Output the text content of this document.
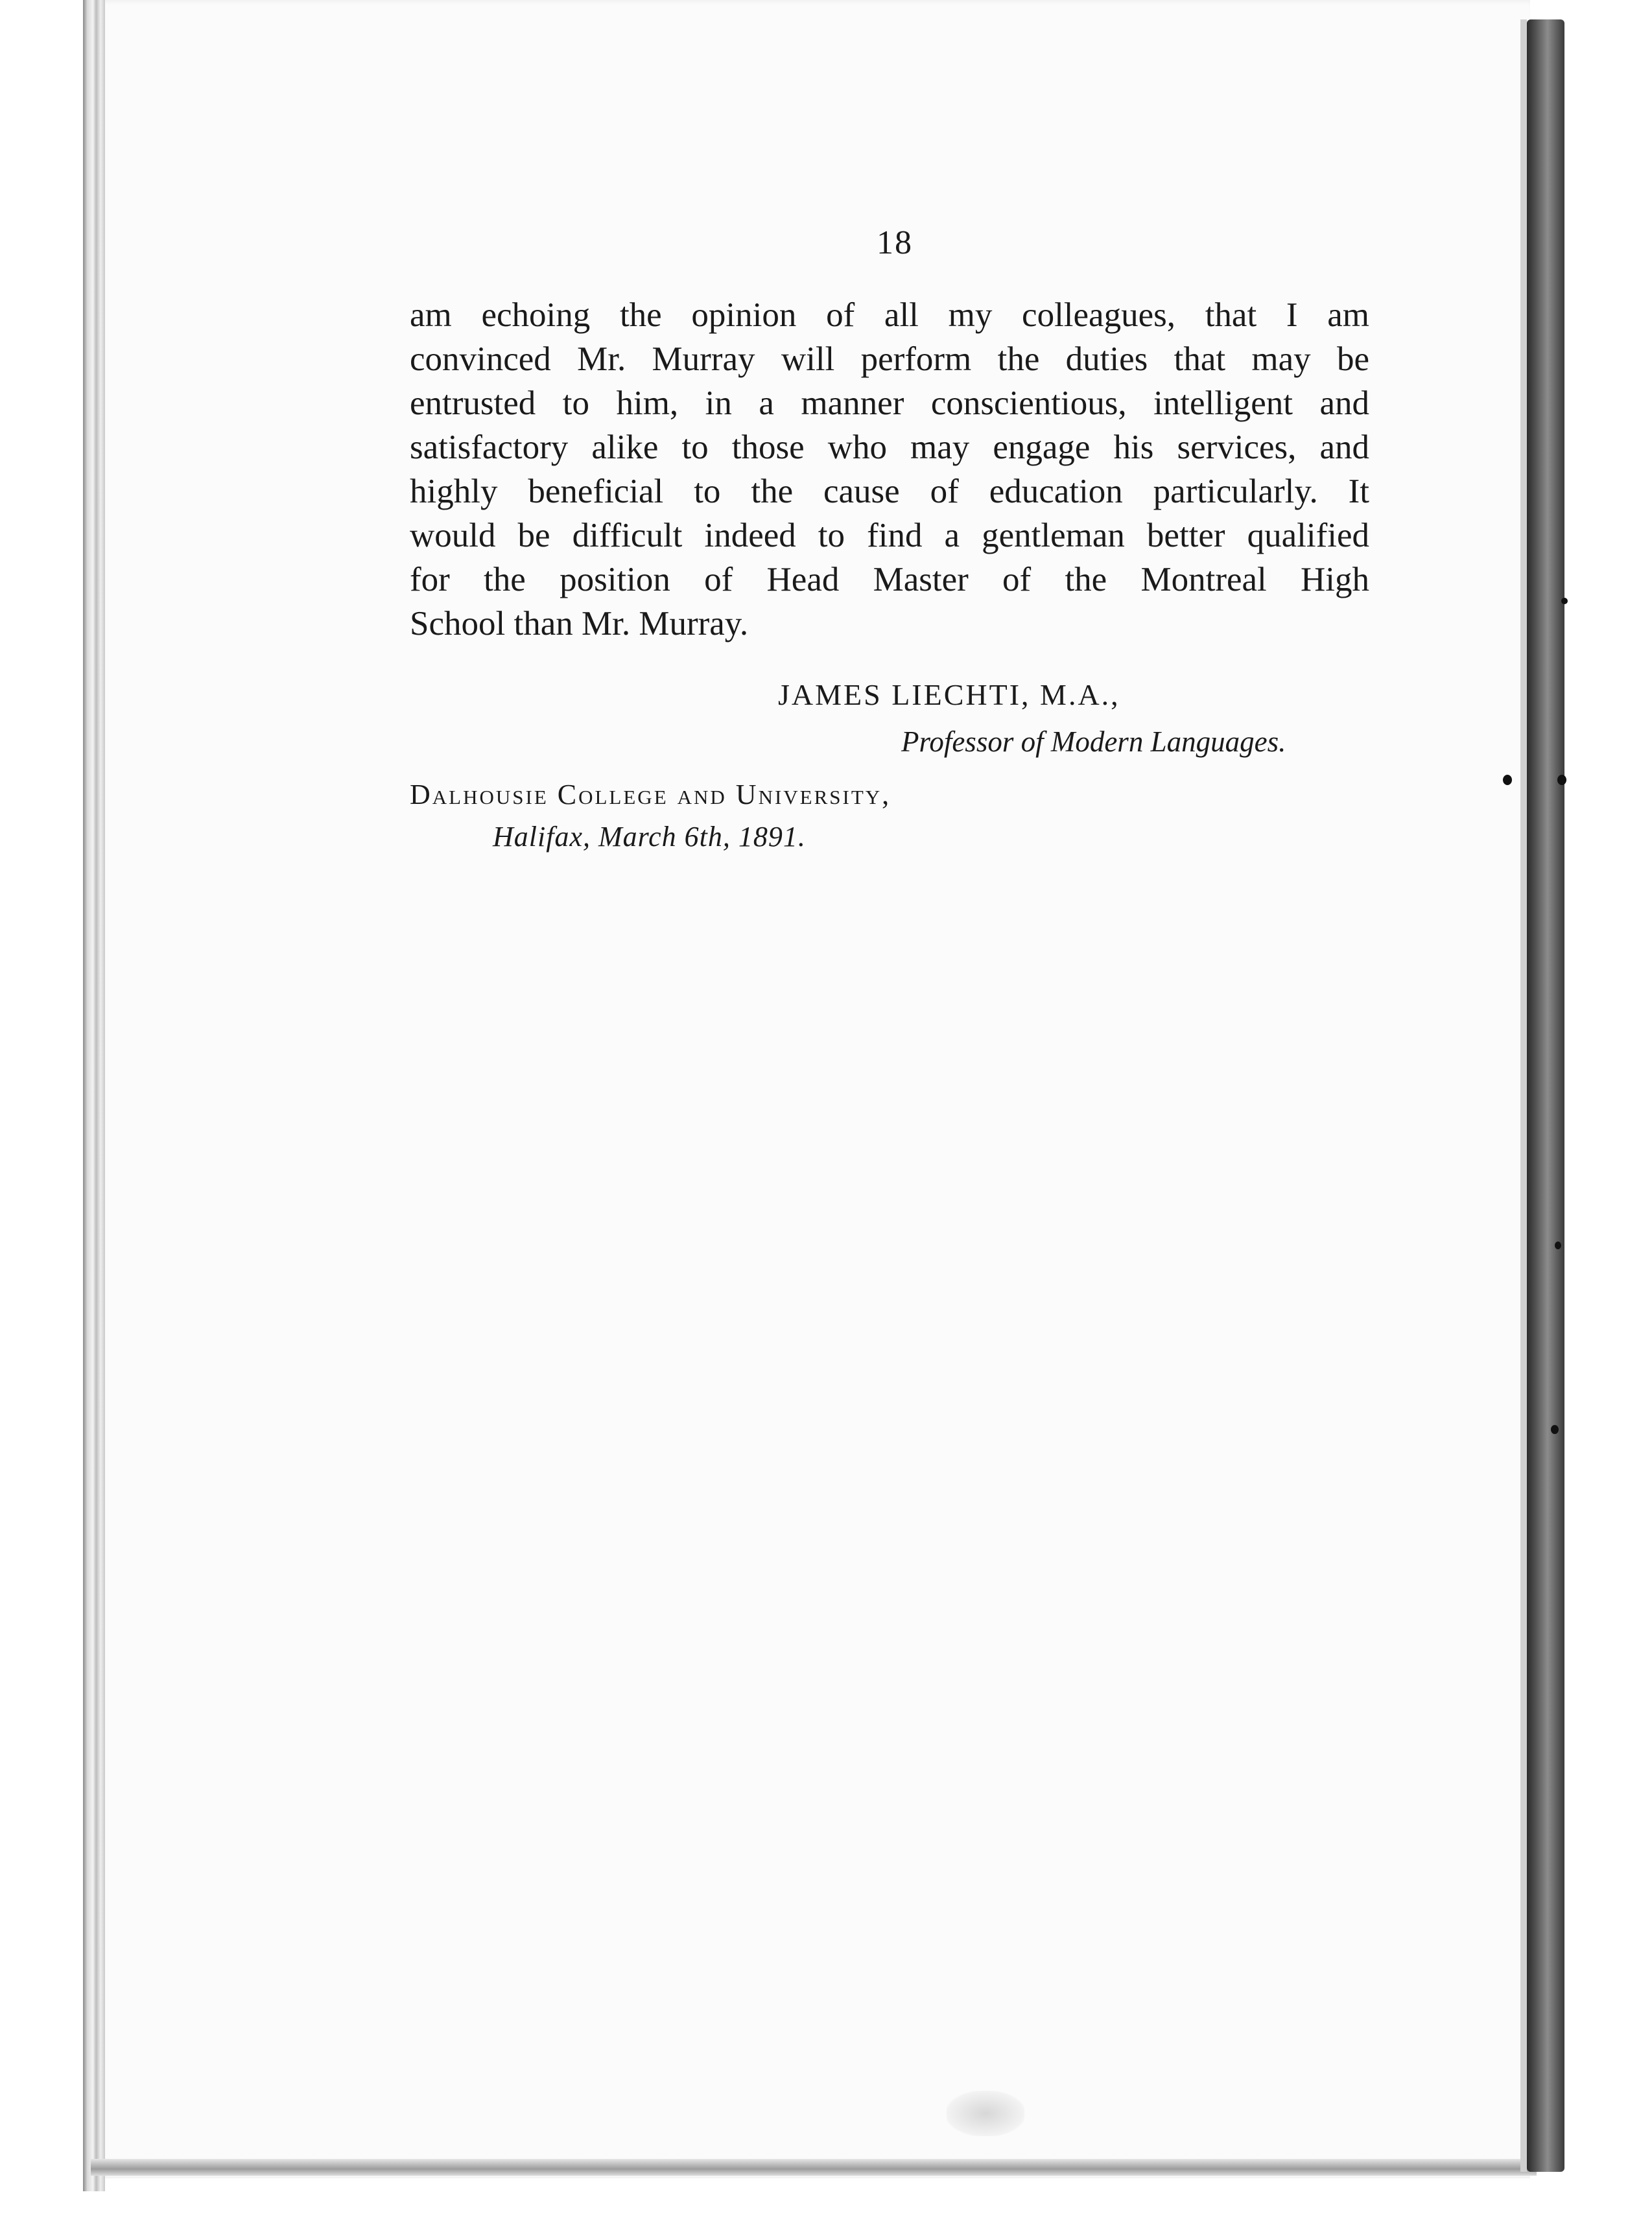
18
am echoing the opinion of all my colleagues, that I am
convinced Mr. Murray will perform the duties that may be
entrusted to him, in a manner conscientious, intelligent and
satisfactory alike to those who may engage his services, and
highly beneficial to the cause of education particularly. It
would be difficult indeed to find a gentleman better qualified
for the position of Head Master of the Montreal High
School than Mr. Murray.
JAMES LIECHTI, M.A.,
Professor of Modern Languages.
Dalhousie College and University,
Halifax, March 6th, 1891.
